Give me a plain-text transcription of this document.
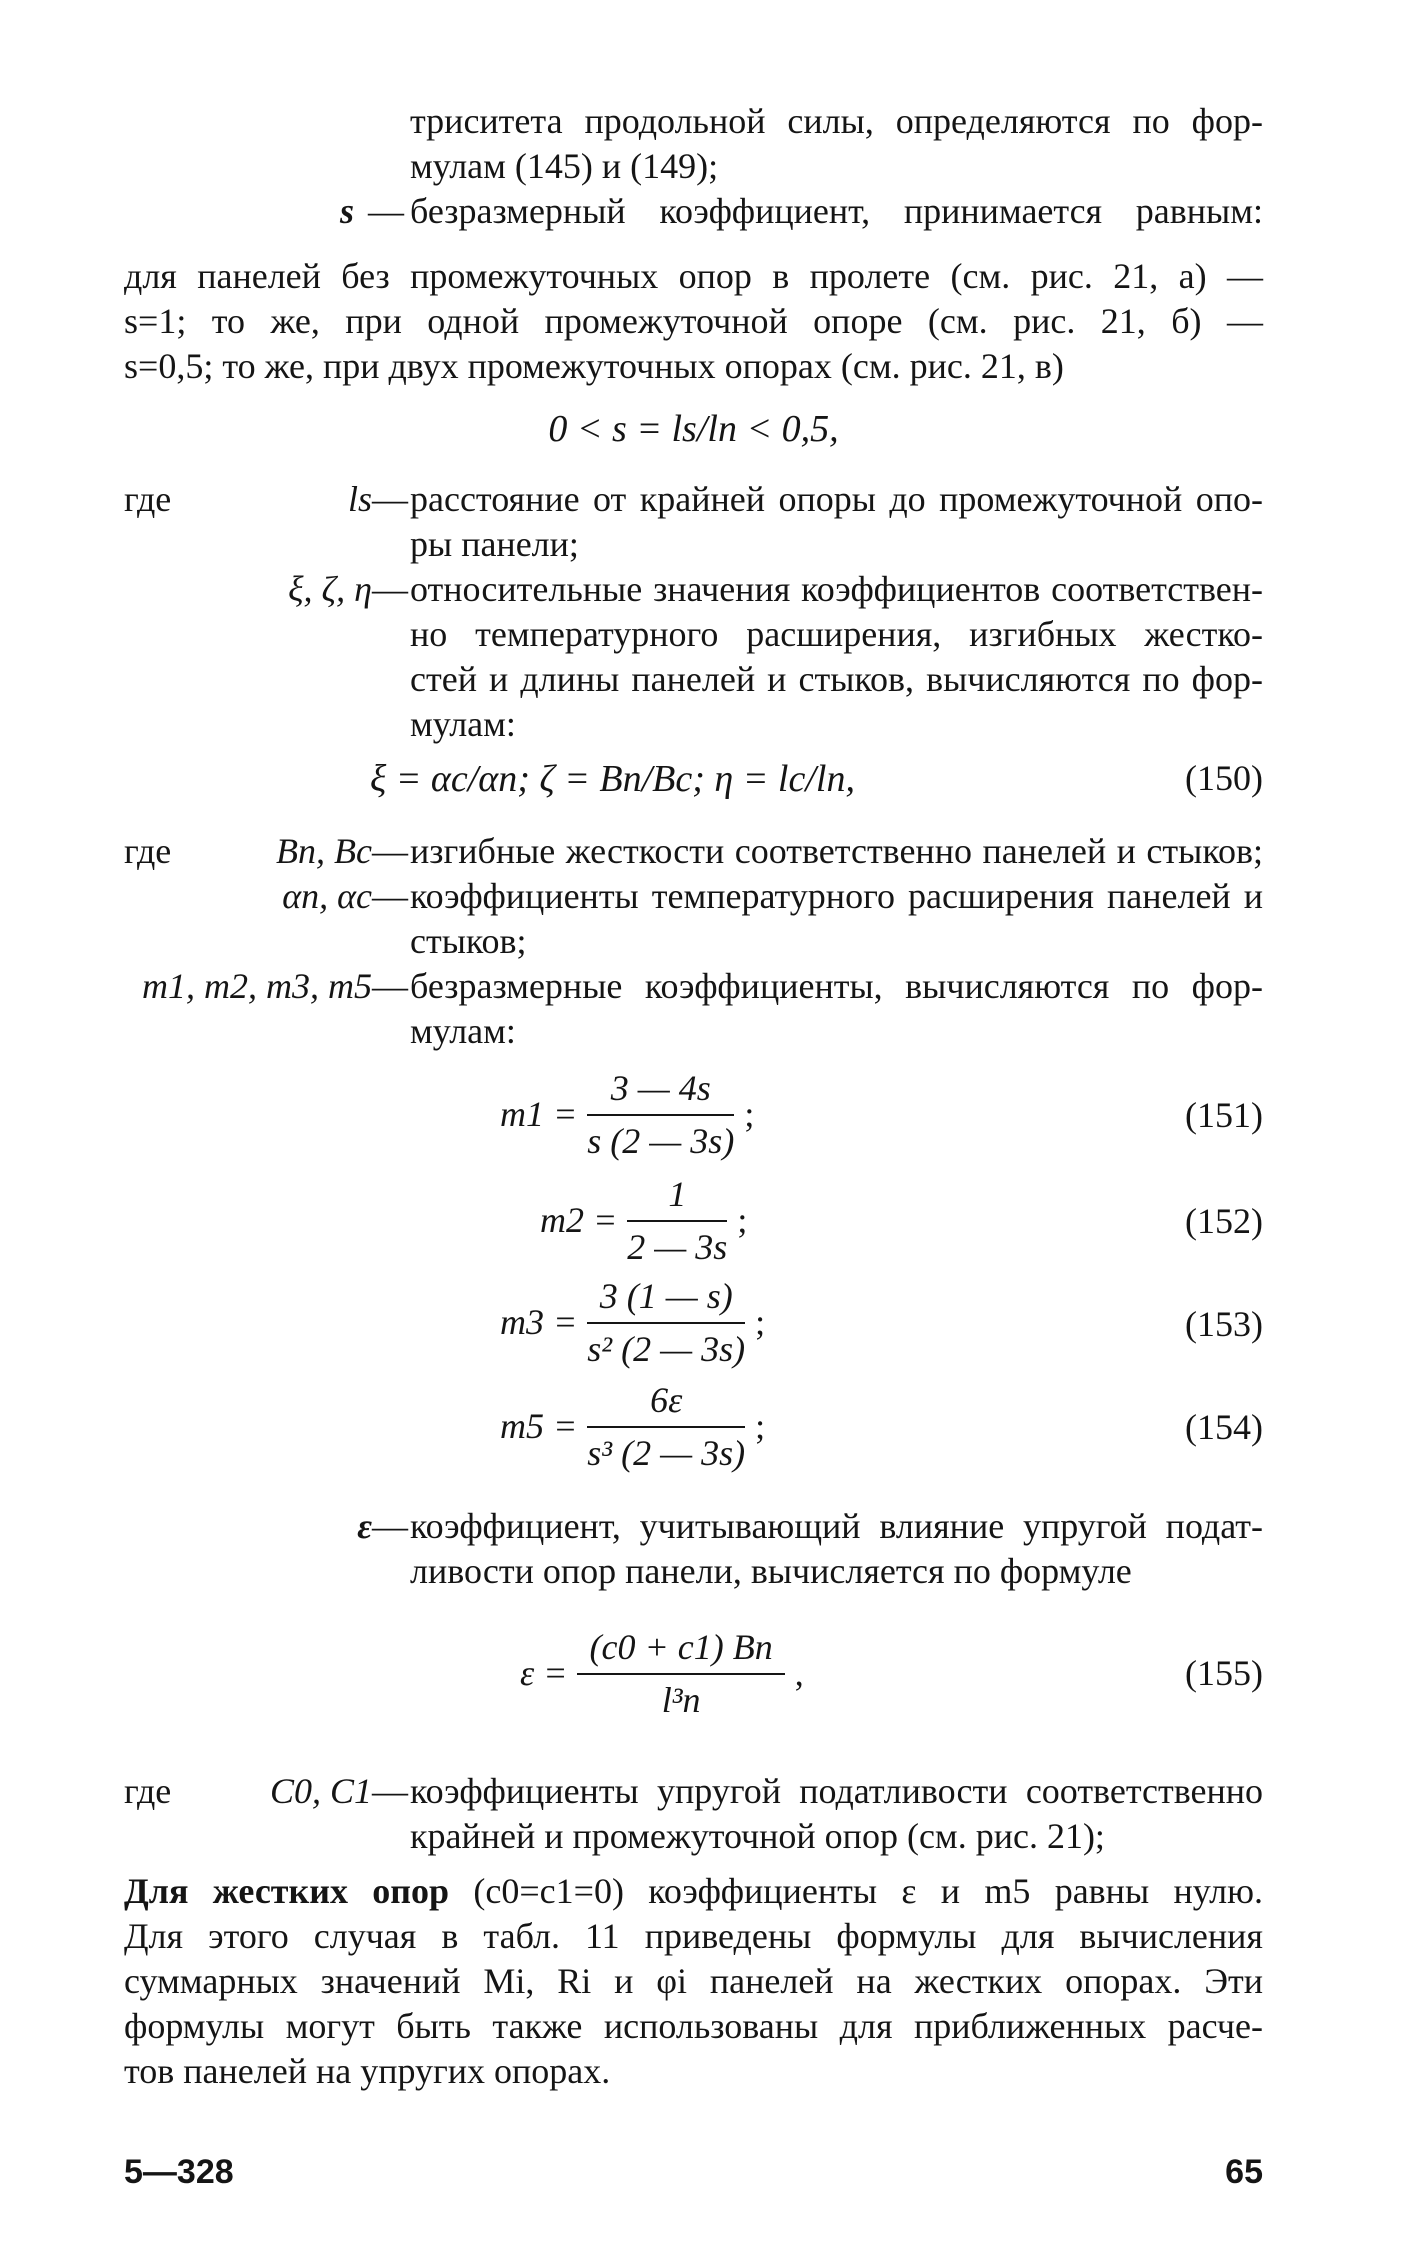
триситета продольной силы, определяются по фор-
мулам (145) и (149);
s — безразмерный коэффициент, принимается равным:
для панелей без промежуточных опор в пролете (см. рис. 21, а) —
s=1; то же, при одной промежуточной опоре (см. рис. 21, б) —
s=0,5; то же, при двух промежуточных опорах (см. рис. 21, в)
0 < s = ls/lп < 0,5,
где	ls — расстояние от крайней опоры до промежуточной опо-
ры панели;
ξ, ζ, η — относительные значения коэффициентов соответствен-
но температурного расширения, изгибных жестко-
стей и длины панелей и стыков, вычисляются по фор-
мулам:
ξ = αс/αп; ζ = Bп/Bс; η = lс/lп,	(150)
где	Bп, Bс — изгибные жесткости соответственно панелей и стыков;
αп, αс — коэффициенты температурного расширения панелей и
стыков;
m1, m2, m3, m5 — безразмерные коэффициенты, вычисляются по фор-
мулам:
$m1 = \frac{3 — 4s}{s (2 — 3s)}$ ;	(151)
$m2 = \frac{1}{2 — 3s}$ ;	(152)
$m3 = \frac{3 (1 — s)}{\text{s² (2 — 3s)}}$ ;	(153)
$m5 = \frac{6\varepsilon}{\text{s³ (2 — 3s)}}$ ;	(154)
ε — коэффициент, учитывающий влияние упругой подат-
ливости опор панели, вычисляется по формуле
$\varepsilon = \frac{(c0 + c1) Bп}{\text{l³п}}$ ,	(155)
где	C0, C1 — коэффициенты упругой податливости соответственно
крайней и промежуточной опор (см. рис. 21);
Для жестких опор (c0=c1=0) коэффициенты ε и m5 равны нулю.
Для этого случая в табл. 11 приведены формулы для вычисления
суммарных значений Mi, Ri и φi панелей на жестких опорах. Эти
формулы могут быть также использованы для приближенных расче-
тов панелей на упругих опорах.
5—328	65
